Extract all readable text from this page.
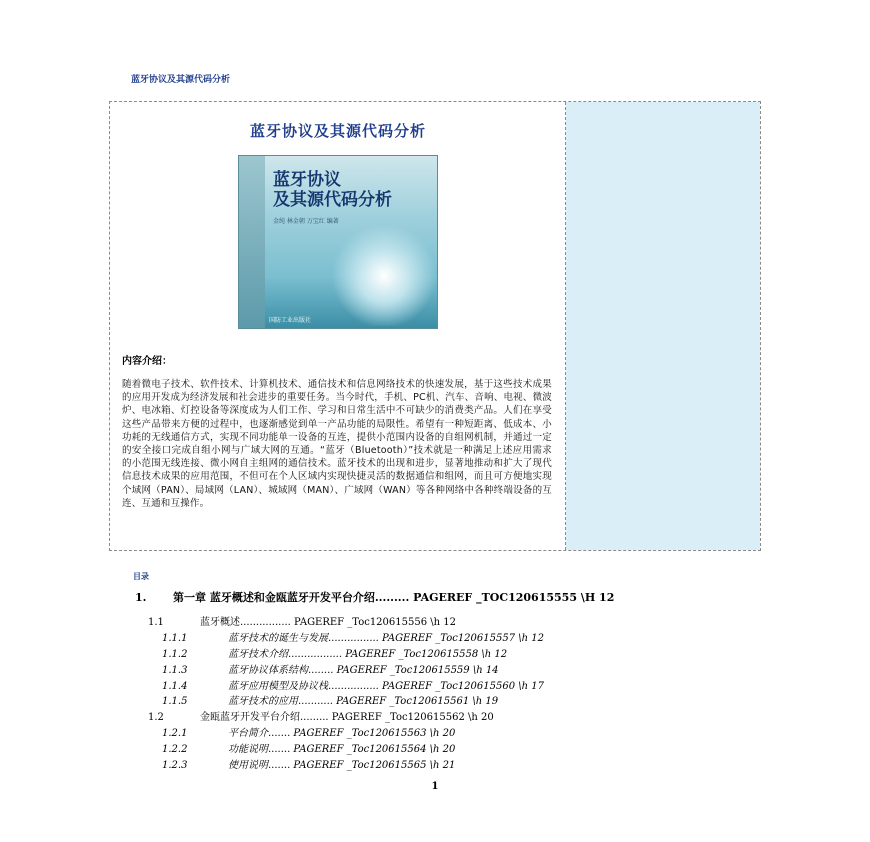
蓝牙协议及其源代码分析
蓝牙协议及其源代码分析
蓝牙协议
及其源代码分析
金纯 林金朝 万宝红 编著
国防工业出版社
内容介绍：
随着微电子技术、软件技术、计算机技术、通信技术和信息网络技术的快速发展，基于这些技术成果的应用开发成为经济发展和社会进步的重要任务。当今时代，手机、PC机、汽车、音响、电视、微波炉、电冰箱、灯控设备等深度成为人们工作、学习和日常生活中不可缺少的消费类产品。人们在享受这些产品带来方便的过程中，也逐渐感觉到单一产品功能的局限性。希望有一种短距离、低成本、小功耗的无线通信方式，实现不同功能单一设备的互连，提供小范围内设备的自组网机制，并通过一定的安全接口完成自组小网与广域大网的互通。“蓝牙（Bluetooth）”技术就是一种满足上述应用需求的小范围无线连接、微小网自主组网的通信技术。蓝牙技术的出现和进步，显著地推动和扩大了现代信息技术成果的应用范围，不但可在个人区域内实现快捷灵活的数据通信和组网，而且可方便地实现个域网（PAN）、局域网（LAN）、城域网（MAN）、广域网（WAN）等各种网络中各种终端设备的互连、互通和互操作。
目录
1. 第一章 蓝牙概述和金瓯蓝牙开发平台介绍......... PAGEREF _TOC120615555 \H 12
1.1	蓝牙概述................ PAGEREF _Toc120615556 \h 12
1.1.1	蓝牙技术的诞生与发展................ PAGEREF _Toc120615557 \h 12
1.1.2	蓝牙技术介绍................. PAGEREF _Toc120615558 \h 12
1.1.3	蓝牙协议体系结构........ PAGEREF _Toc120615559 \h 14
1.1.4	蓝牙应用模型及协议栈................ PAGEREF _Toc120615560 \h 17
1.1.5	蓝牙技术的应用........... PAGEREF _Toc120615561 \h 19
1.2	金瓯蓝牙开发平台介绍......... PAGEREF _Toc120615562 \h 20
1.2.1	平台简介....... PAGEREF _Toc120615563 \h 20
1.2.2	功能说明....... PAGEREF _Toc120615564 \h 20
1.2.3	使用说明....... PAGEREF _Toc120615565 \h 21
1
